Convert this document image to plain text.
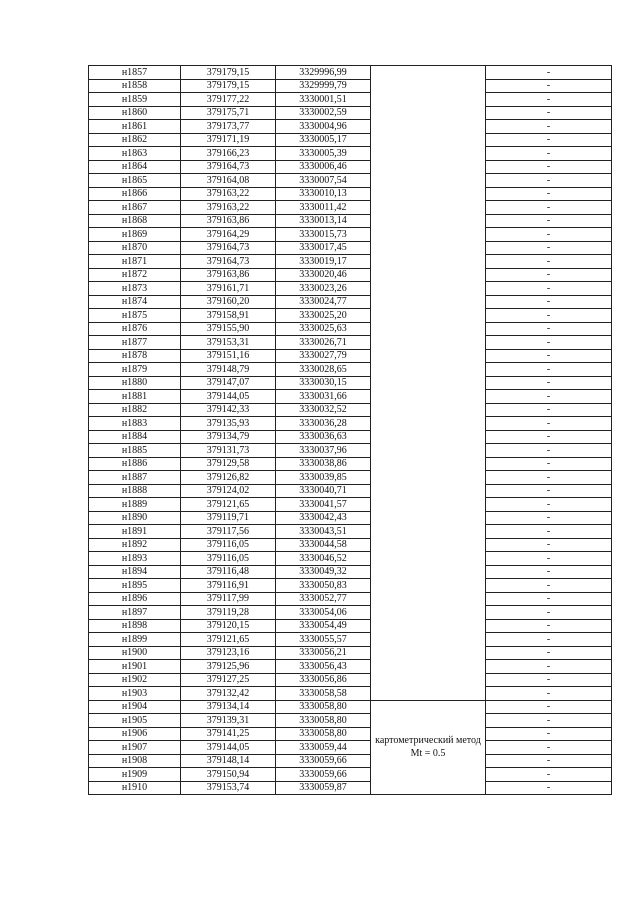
н1857	379179,15	3329996,99		-
н1858	379179,15	3329999,79		-
н1859	379177,22	3330001,51		-
н1860	379175,71	3330002,59		-
н1861	379173,77	3330004,96		-
н1862	379171,19	3330005,17		-
н1863	379166,23	3330005,39		-
н1864	379164,73	3330006,46		-
н1865	379164,08	3330007,54		-
н1866	379163,22	3330010,13		-
н1867	379163,22	3330011,42		-
н1868	379163,86	3330013,14		-
н1869	379164,29	3330015,73		-
н1870	379164,73	3330017,45		-
н1871	379164,73	3330019,17		-
н1872	379163,86	3330020,46		-
н1873	379161,71	3330023,26		-
н1874	379160,20	3330024,77		-
н1875	379158,91	3330025,20		-
н1876	379155,90	3330025,63		-
н1877	379153,31	3330026,71		-
н1878	379151,16	3330027,79		-
н1879	379148,79	3330028,65		-
н1880	379147,07	3330030,15		-
н1881	379144,05	3330031,66		-
н1882	379142,33	3330032,52		-
н1883	379135,93	3330036,28		-
н1884	379134,79	3330036,63		-
н1885	379131,73	3330037,96		-
н1886	379129,58	3330038,86		-
н1887	379126,82	3330039,85		-
н1888	379124,02	3330040,71		-
н1889	379121,65	3330041,57		-
н1890	379119,71	3330042,43		-
н1891	379117,56	3330043,51		-
н1892	379116,05	3330044,58		-
н1893	379116,05	3330046,52		-
н1894	379116,48	3330049,32		-
н1895	379116,91	3330050,83		-
н1896	379117,99	3330052,77		-
н1897	379119,28	3330054,06		-
н1898	379120,15	3330054,49		-
н1899	379121,65	3330055,57		-
н1900	379123,16	3330056,21		-
н1901	379125,96	3330056,43		-
н1902	379127,25	3330056,86		-
н1903	379132,42	3330058,58		-
н1904	379134,14	3330058,80	картометрический метод Mt = 0.5	-
н1905	379139,31	3330058,80		-
н1906	379141,25	3330058,80		-
н1907	379144,05	3330059,44		-
н1908	379148,14	3330059,66		-
н1909	379150,94	3330059,66		-
н1910	379153,74	3330059,87		-
